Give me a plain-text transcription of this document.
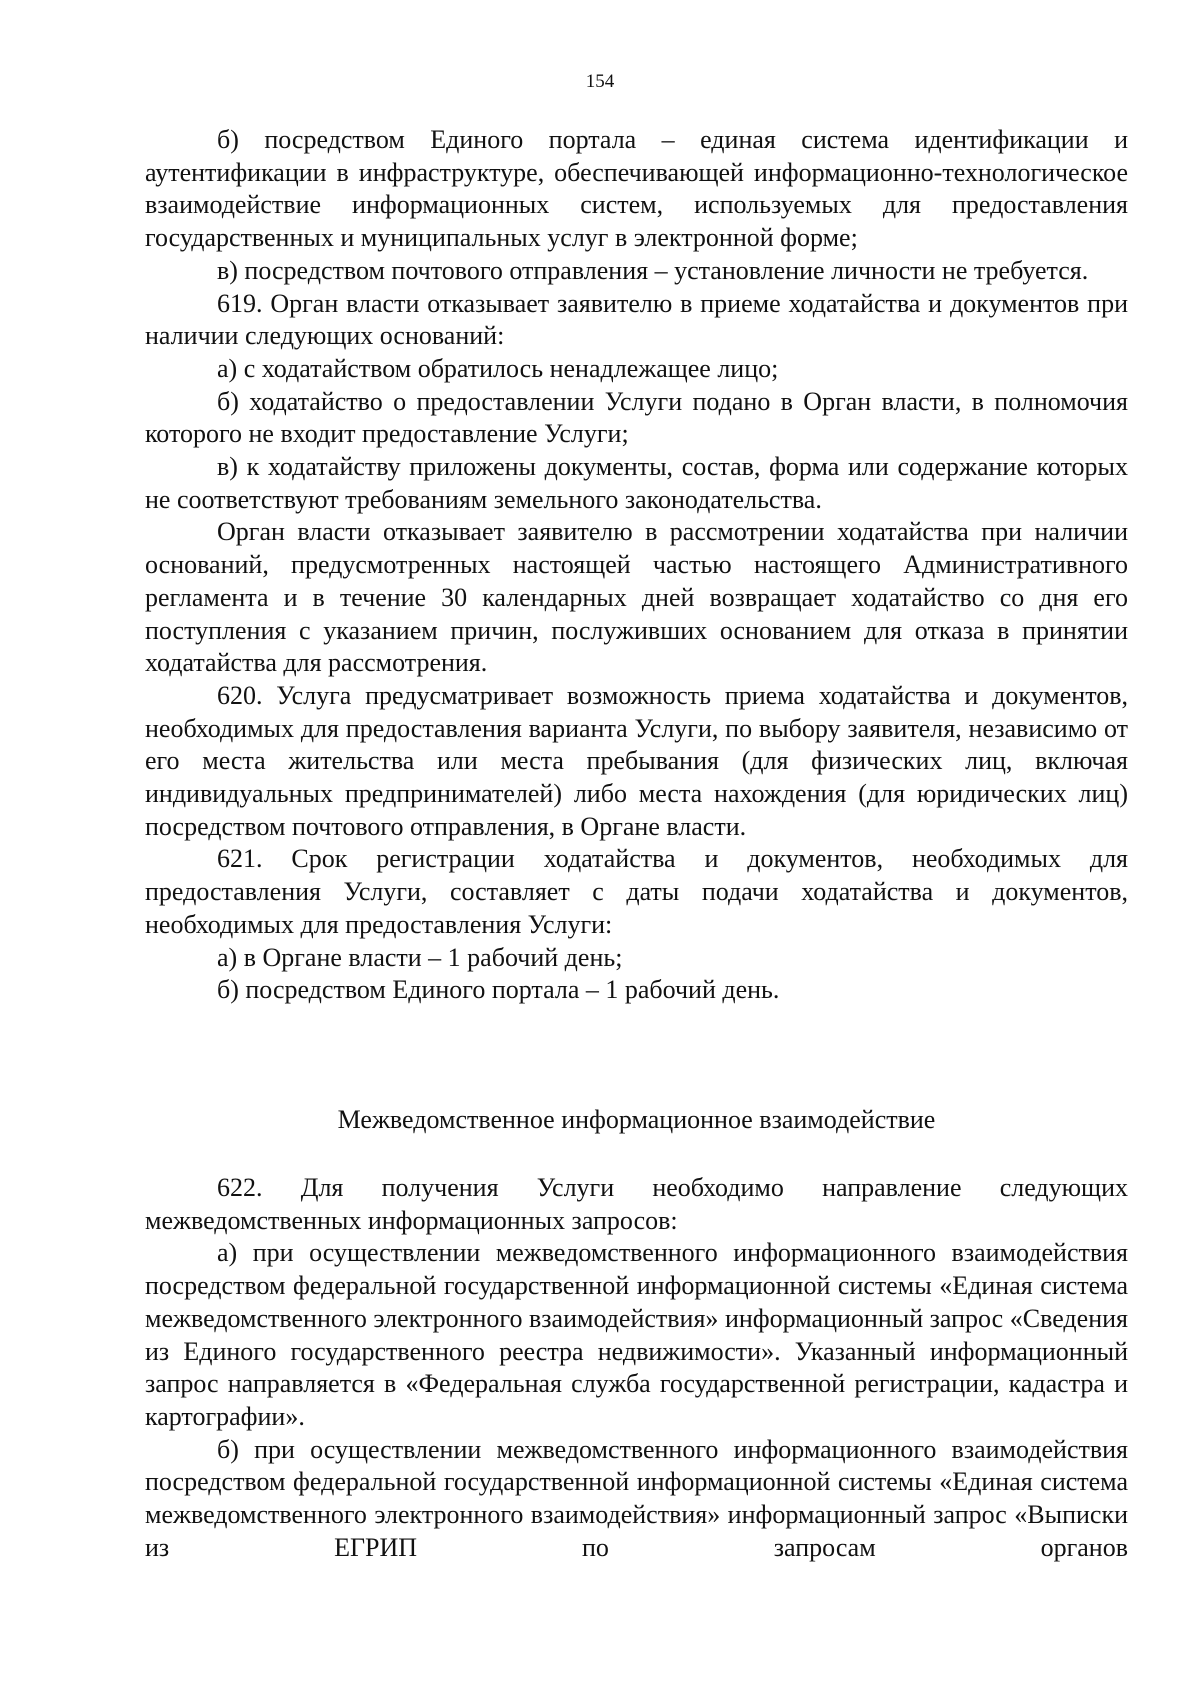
154

б) посредством Единого портала – единая система идентификации и аутентификации в инфраструктуре, обеспечивающей информационно-технологическое взаимодействие информационных систем, используемых для предоставления государственных и муниципальных услуг в электронной форме;

в) посредством почтового отправления – установление личности не требуется.

619. Орган власти отказывает заявителю в приеме ходатайства и документов при наличии следующих оснований:

а) с ходатайством обратилось ненадлежащее лицо;

б) ходатайство о предоставлении Услуги подано в Орган власти, в полномочия которого не входит предоставление Услуги;

в) к ходатайству приложены документы, состав, форма или содержание которых не соответствуют требованиям земельного законодательства.

Орган власти отказывает заявителю в рассмотрении ходатайства при наличии оснований, предусмотренных настоящей частью настоящего Административного регламента и в течение 30 календарных дней возвращает ходатайство со дня его поступления с указанием причин, послуживших основанием для отказа в принятии ходатайства для рассмотрения.

620. Услуга предусматривает возможность приема ходатайства и документов, необходимых для предоставления варианта Услуги, по выбору заявителя, независимо от его места жительства или места пребывания (для физических лиц, включая индивидуальных предпринимателей) либо места нахождения (для юридических лиц) посредством почтового отправления, в Органе власти.

621. Срок регистрации ходатайства и документов, необходимых для предоставления Услуги, составляет с даты подачи ходатайства и документов, необходимых для предоставления Услуги:

а) в Органе власти – 1 рабочий день;

б) посредством Единого портала – 1 рабочий день.

Межведомственное информационное взаимодействие

622. Для получения Услуги необходимо направление следующих межведомственных информационных запросов:

а) при осуществлении межведомственного информационного взаимодействия посредством федеральной государственной информационной системы «Единая система межведомственного электронного взаимодействия» информационный запрос «Сведения из Единого государственного реестра недвижимости». Указанный информационный запрос направляется в «Федеральная служба государственной регистрации, кадастра и картографии».

б) при осуществлении межведомственного информационного взаимодействия посредством федеральной государственной информационной системы «Единая система межведомственного электронного взаимодействия» информационный запрос «Выписки из ЕГРИП по запросам органов
